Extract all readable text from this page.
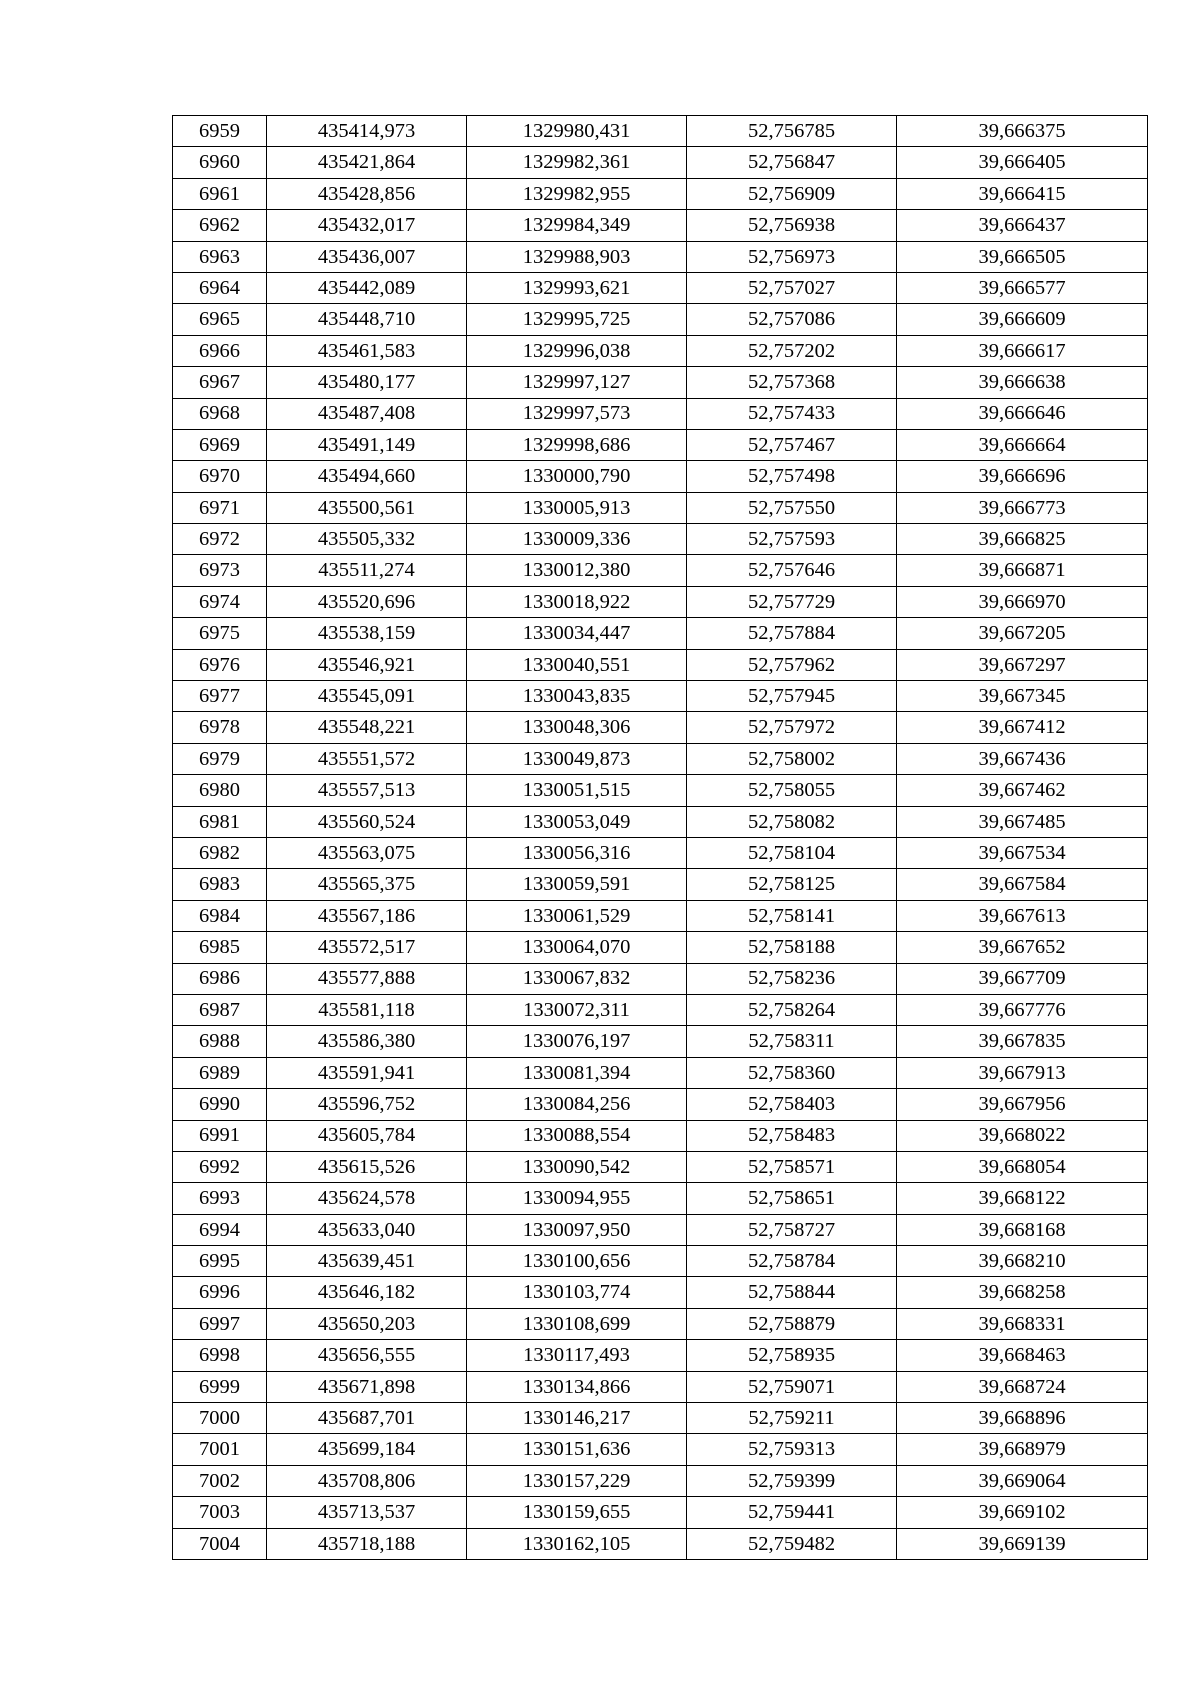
6959	435414,973	1329980,431	52,756785	39,666375
6960	435421,864	1329982,361	52,756847	39,666405
6961	435428,856	1329982,955	52,756909	39,666415
6962	435432,017	1329984,349	52,756938	39,666437
6963	435436,007	1329988,903	52,756973	39,666505
6964	435442,089	1329993,621	52,757027	39,666577
6965	435448,710	1329995,725	52,757086	39,666609
6966	435461,583	1329996,038	52,757202	39,666617
6967	435480,177	1329997,127	52,757368	39,666638
6968	435487,408	1329997,573	52,757433	39,666646
6969	435491,149	1329998,686	52,757467	39,666664
6970	435494,660	1330000,790	52,757498	39,666696
6971	435500,561	1330005,913	52,757550	39,666773
6972	435505,332	1330009,336	52,757593	39,666825
6973	435511,274	1330012,380	52,757646	39,666871
6974	435520,696	1330018,922	52,757729	39,666970
6975	435538,159	1330034,447	52,757884	39,667205
6976	435546,921	1330040,551	52,757962	39,667297
6977	435545,091	1330043,835	52,757945	39,667345
6978	435548,221	1330048,306	52,757972	39,667412
6979	435551,572	1330049,873	52,758002	39,667436
6980	435557,513	1330051,515	52,758055	39,667462
6981	435560,524	1330053,049	52,758082	39,667485
6982	435563,075	1330056,316	52,758104	39,667534
6983	435565,375	1330059,591	52,758125	39,667584
6984	435567,186	1330061,529	52,758141	39,667613
6985	435572,517	1330064,070	52,758188	39,667652
6986	435577,888	1330067,832	52,758236	39,667709
6987	435581,118	1330072,311	52,758264	39,667776
6988	435586,380	1330076,197	52,758311	39,667835
6989	435591,941	1330081,394	52,758360	39,667913
6990	435596,752	1330084,256	52,758403	39,667956
6991	435605,784	1330088,554	52,758483	39,668022
6992	435615,526	1330090,542	52,758571	39,668054
6993	435624,578	1330094,955	52,758651	39,668122
6994	435633,040	1330097,950	52,758727	39,668168
6995	435639,451	1330100,656	52,758784	39,668210
6996	435646,182	1330103,774	52,758844	39,668258
6997	435650,203	1330108,699	52,758879	39,668331
6998	435656,555	1330117,493	52,758935	39,668463
6999	435671,898	1330134,866	52,759071	39,668724
7000	435687,701	1330146,217	52,759211	39,668896
7001	435699,184	1330151,636	52,759313	39,668979
7002	435708,806	1330157,229	52,759399	39,669064
7003	435713,537	1330159,655	52,759441	39,669102
7004	435718,188	1330162,105	52,759482	39,669139
